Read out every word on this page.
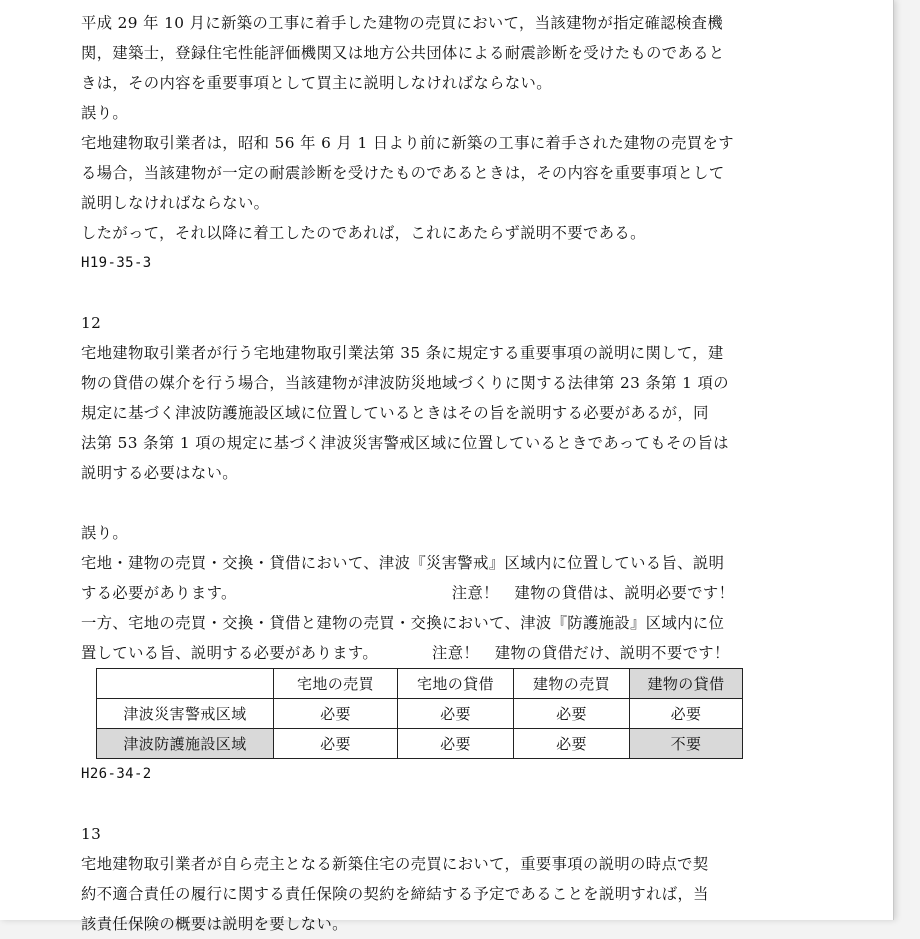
平成 29 年 10 月に新築の工事に着手した建物の売買において，当該建物が指定確認検査機

関，建築士，登録住宅性能評価機関又は地方公共団体による耐震診断を受けたものであると

きは，その内容を重要事項として買主に説明しなければならない。

誤り。

宅地建物取引業者は，昭和 56 年 6 月 1 日より前に新築の工事に着手された建物の売買をす

る場合，当該建物が一定の耐震診断を受けたものであるときは，その内容を重要事項として

説明しなければならない。

したがって，それ以降に着工したのであれば，これにあたらず説明不要である。

H19-35-3

12

宅地建物取引業者が行う宅地建物取引業法第 35 条に規定する重要事項の説明に関して，建

物の貸借の媒介を行う場合，当該建物が津波防災地域づくりに関する法律第 23 条第 1 項の

規定に基づく津波防護施設区域に位置しているときはその旨を説明する必要があるが，同

法第 53 条第 1 項の規定に基づく津波災害警戒区域に位置しているときであってもその旨は

説明する必要はない。

誤り。

宅地・建物の売買・交換・貸借において、津波『災害警戒』区域内に位置している旨、説明

する必要があります。	注意！　建物の貸借は、説明必要です！

一方、宅地の売買・交換・貸借と建物の売買・交換において、津波『防護施設』区域内に位

置している旨、説明する必要があります。	注意！　建物の貸借だけ、説明不要です！

	宅地の売買	宅地の貸借	建物の売買	建物の貸借
津波災害警戒区域	必要	必要	必要	必要
津波防護施設区域	必要	必要	必要	不要

H26-34-2

13

宅地建物取引業者が自ら売主となる新築住宅の売買において，重要事項の説明の時点で契

約不適合責任の履行に関する責任保険の契約を締結する予定であることを説明すれば，当

該責任保険の概要は説明を要しない。
